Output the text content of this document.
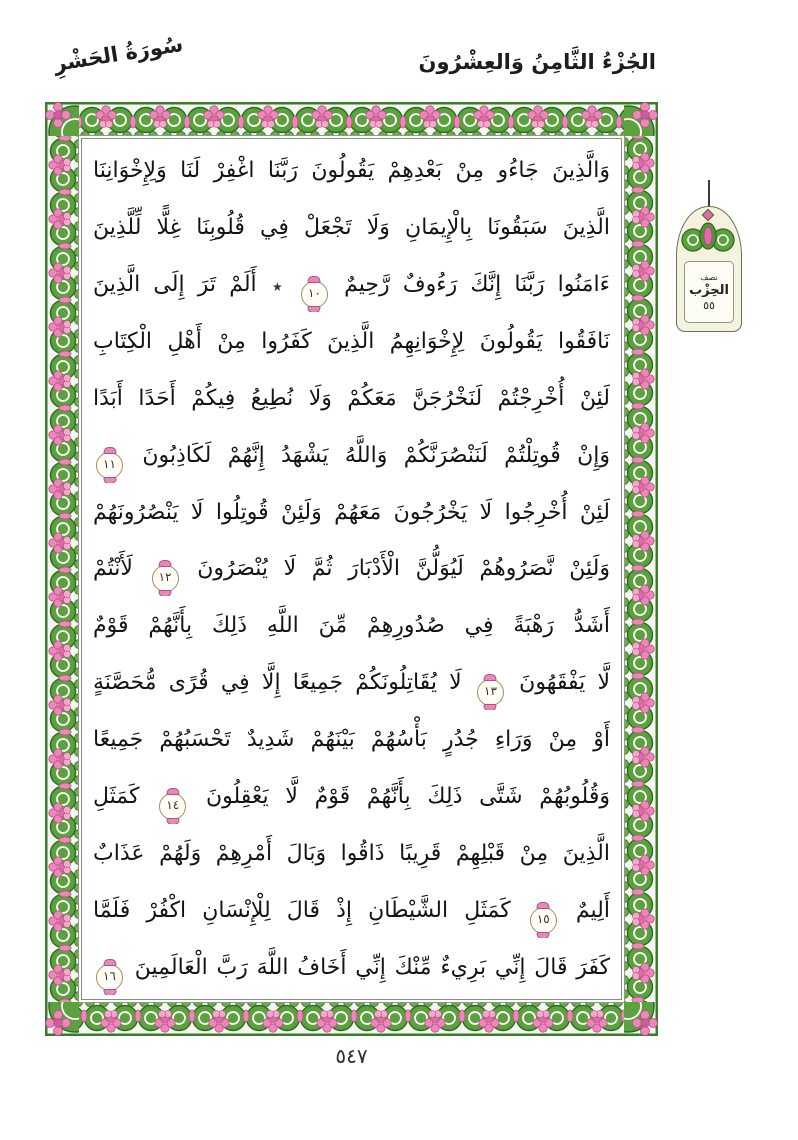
الجُزْءُ الثَّامِنُ وَالعِشْرُونَ
سُورَةُ الحَشْرِ
وَالَّذِينَ جَاءُو مِنْ بَعْدِهِمْ يَقُولُونَ رَبَّنَا اغْفِرْ لَنَا وَلِإِخْوَانِنَا
الَّذِينَ سَبَقُونَا بِالْإِيمَانِ وَلَا تَجْعَلْ فِي قُلُوبِنَا غِلًّا لِّلَّذِينَ
ءَامَنُوا رَبَّنَا إِنَّكَ رَءُوفٌ رَّحِيمٌ ١٠ ٭ أَلَمْ تَرَ إِلَى الَّذِينَ
نَافَقُوا يَقُولُونَ لِإِخْوَانِهِمُ الَّذِينَ كَفَرُوا مِنْ أَهْلِ الْكِتَابِ
لَئِنْ أُخْرِجْتُمْ لَنَخْرُجَنَّ مَعَكُمْ وَلَا نُطِيعُ فِيكُمْ أَحَدًا أَبَدًا
وَإِنْ قُوتِلْتُمْ لَنَنْصُرَنَّكُمْ وَاللَّهُ يَشْهَدُ إِنَّهُمْ لَكَاذِبُونَ ١١
لَئِنْ أُخْرِجُوا لَا يَخْرُجُونَ مَعَهُمْ وَلَئِنْ قُوتِلُوا لَا يَنْصُرُونَهُمْ
وَلَئِنْ نَّصَرُوهُمْ لَيُوَلُّنَّ الْأَدْبَارَ ثُمَّ لَا يُنْصَرُونَ ١٢ لَأَنْتُمْ
أَشَدُّ رَهْبَةً فِي صُدُورِهِمْ مِّنَ اللَّهِ ذَلِكَ بِأَنَّهُمْ قَوْمٌ
لَّا يَفْقَهُونَ ١٣ لَا يُقَاتِلُونَكُمْ جَمِيعًا إِلَّا فِي قُرًى مُّحَصَّنَةٍ
أَوْ مِنْ وَرَاءِ جُدُرٍ بَأْسُهُمْ بَيْنَهُمْ شَدِيدٌ تَحْسَبُهُمْ جَمِيعًا
وَقُلُوبُهُمْ شَتَّى ذَلِكَ بِأَنَّهُمْ قَوْمٌ لَّا يَعْقِلُونَ ١٤ كَمَثَلِ
الَّذِينَ مِنْ قَبْلِهِمْ قَرِيبًا ذَاقُوا وَبَالَ أَمْرِهِمْ وَلَهُمْ عَذَابٌ
أَلِيمٌ ١٥ كَمَثَلِ الشَّيْطَانِ إِذْ قَالَ لِلْإِنْسَانِ اكْفُرْ فَلَمَّا
كَفَرَ قَالَ إِنِّي بَرِيءٌ مِّنْكَ إِنِّي أَخَافُ اللَّهَ رَبَّ الْعَالَمِينَ ١٦
نصف
الحِزْب
٥٥
٥٤٧
